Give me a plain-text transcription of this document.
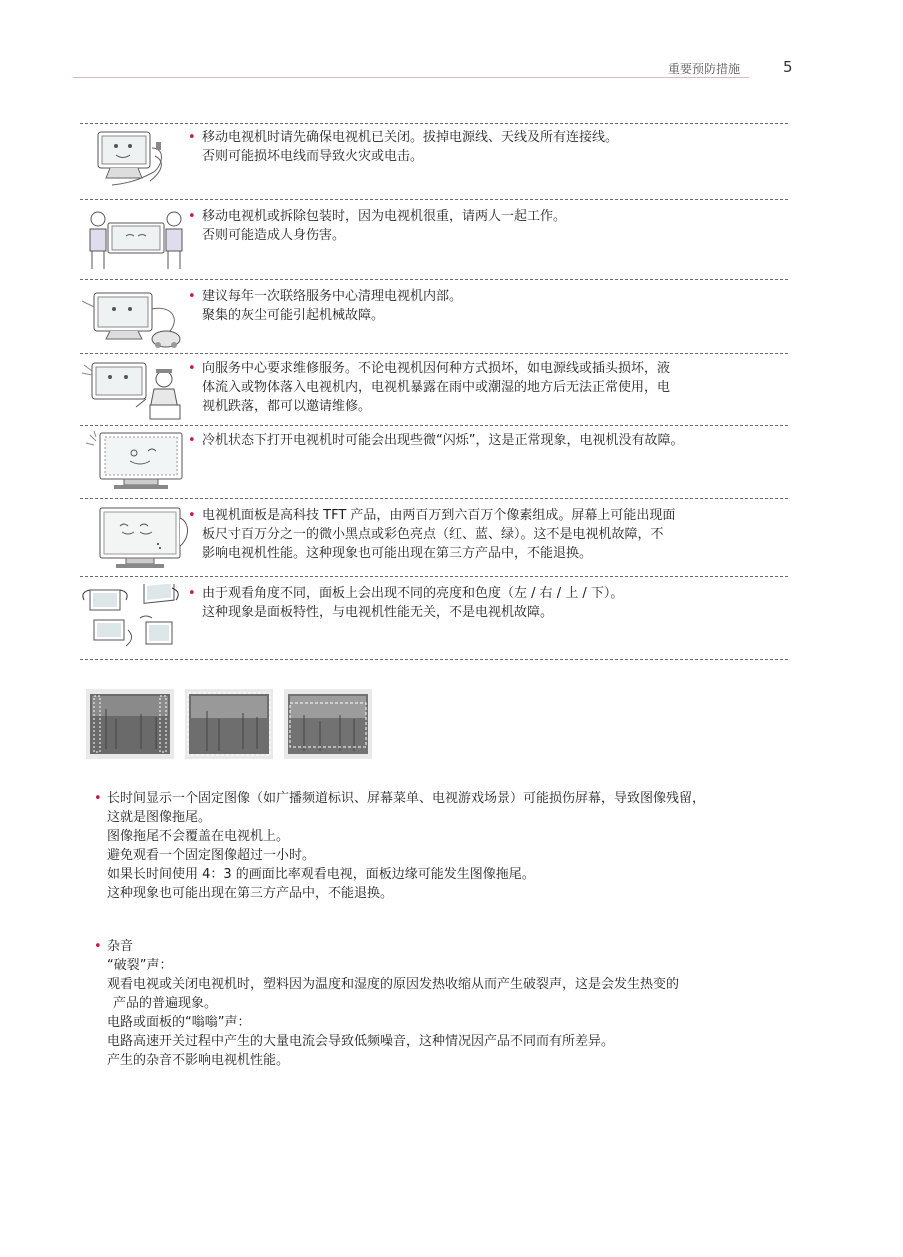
重要预防措施	5
• 移动电视机时请先确保电视机已关闭。拔掉电源线、天线及所有连接线。
否则可能损坏电线而导致火灾或电击。
• 移动电视机或拆除包装时，因为电视机很重，请两人一起工作。
否则可能造成人身伤害。
• 建议每年一次联络服务中心清理电视机内部。
聚集的灰尘可能引起机械故障。
• 向服务中心要求维修服务。不论电视机因何种方式损坏，如电源线或插头损坏，液
体流入或物体落入电视机内，电视机暴露在雨中或潮湿的地方后无法正常使用，电
视机跌落，都可以邀请维修。
• 冷机状态下打开电视机时可能会出现些微“闪烁”，这是正常现象，电视机没有故障。
• 电视机面板是高科技 TFT 产品，由两百万到六百万个像素组成。屏幕上可能出现面
板尺寸百万分之一的微小黑点或彩色亮点（红、蓝、绿）。这不是电视机故障，不
影响电视机性能。这种现象也可能出现在第三方产品中，不能退换。
• 由于观看角度不同，面板上会出现不同的亮度和色度（左 / 右 / 上 / 下）。
这种现象是面板特性，与电视机性能无关，不是电视机故障。
• 长时间显示一个固定图像（如广播频道标识、屏幕菜单、电视游戏场景）可能损伤屏幕，导致图像残留，
这就是图像拖尾。
图像拖尾不会覆盖在电视机上。
避免观看一个固定图像超过一小时。
如果长时间使用 4：3 的画面比率观看电视，面板边缘可能发生图像拖尾。
这种现象也可能出现在第三方产品中，不能退换。
• 杂音
“破裂”声：
观看电视或关闭电视机时，塑料因为温度和湿度的原因发热收缩从而产生破裂声，这是会发生热变的
产品的普遍现象。
电路或面板的“嗡嗡”声：
电路高速开关过程中产生的大量电流会导致低频噪音，这种情况因产品不同而有所差异。
产生的杂音不影响电视机性能。
